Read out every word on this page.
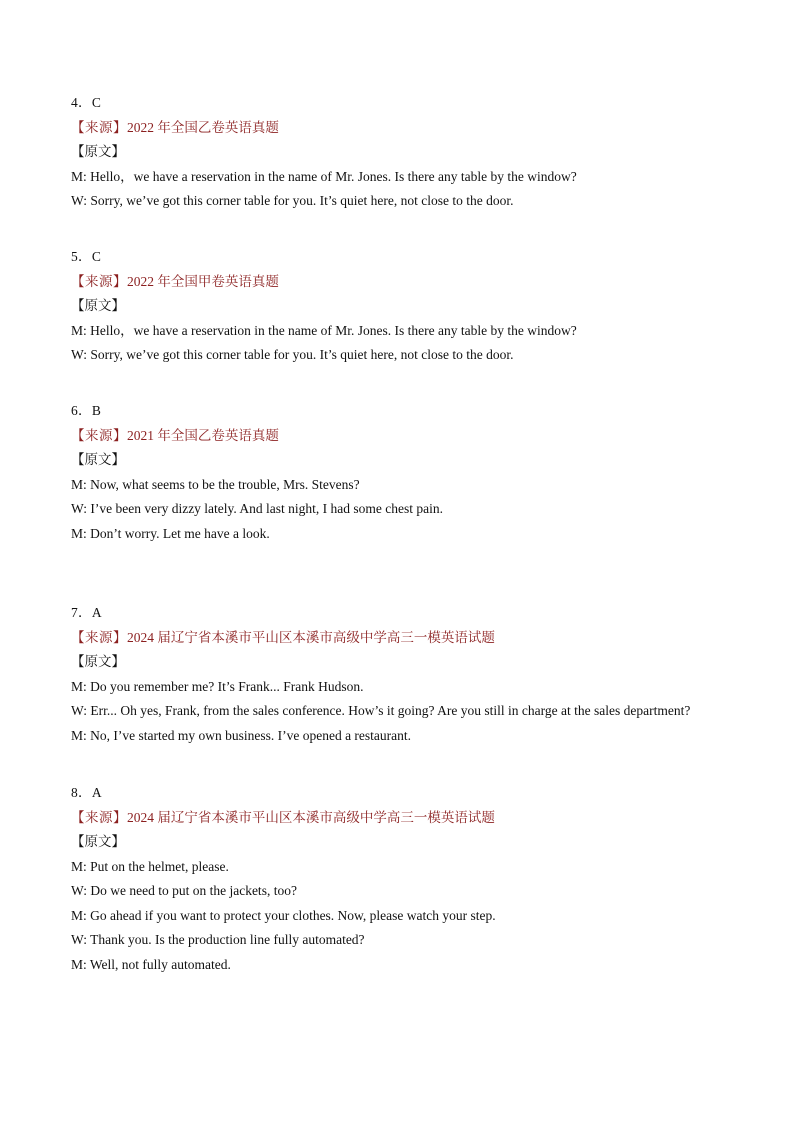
4．C
【来源】2022 年全国乙卷英语真题
【原文】
M: Hello，we have a reservation in the name of Mr. Jones. Is there any table by the window?
W: Sorry, we’ve got this corner table for you. It’s quiet here, not close to the door.
5．C
【来源】2022 年全国甲卷英语真题
【原文】
M: Hello，we have a reservation in the name of Mr. Jones. Is there any table by the window?
W: Sorry, we’ve got this corner table for you. It’s quiet here, not close to the door.
6．B
【来源】2021 年全国乙卷英语真题
【原文】
M: Now, what seems to be the trouble, Mrs. Stevens?
W: I’ve been very dizzy lately. And last night, I had some chest pain.
M: Don’t worry. Let me have a look.
7．A
【来源】2024 届辽宁省本溪市平山区本溪市高级中学高三一模英语试题
【原文】
M: Do you remember me? It’s Frank... Frank Hudson.
W: Err... Oh yes, Frank, from the sales conference. How’s it going? Are you still in charge at the sales department?
M: No, I’ve started my own business. I’ve opened a restaurant.
8．A
【来源】2024 届辽宁省本溪市平山区本溪市高级中学高三一模英语试题
【原文】
M: Put on the helmet, please.
W: Do we need to put on the jackets, too?
M: Go ahead if you want to protect your clothes. Now, please watch your step.
W: Thank you. Is the production line fully automated?
M: Well, not fully automated.
